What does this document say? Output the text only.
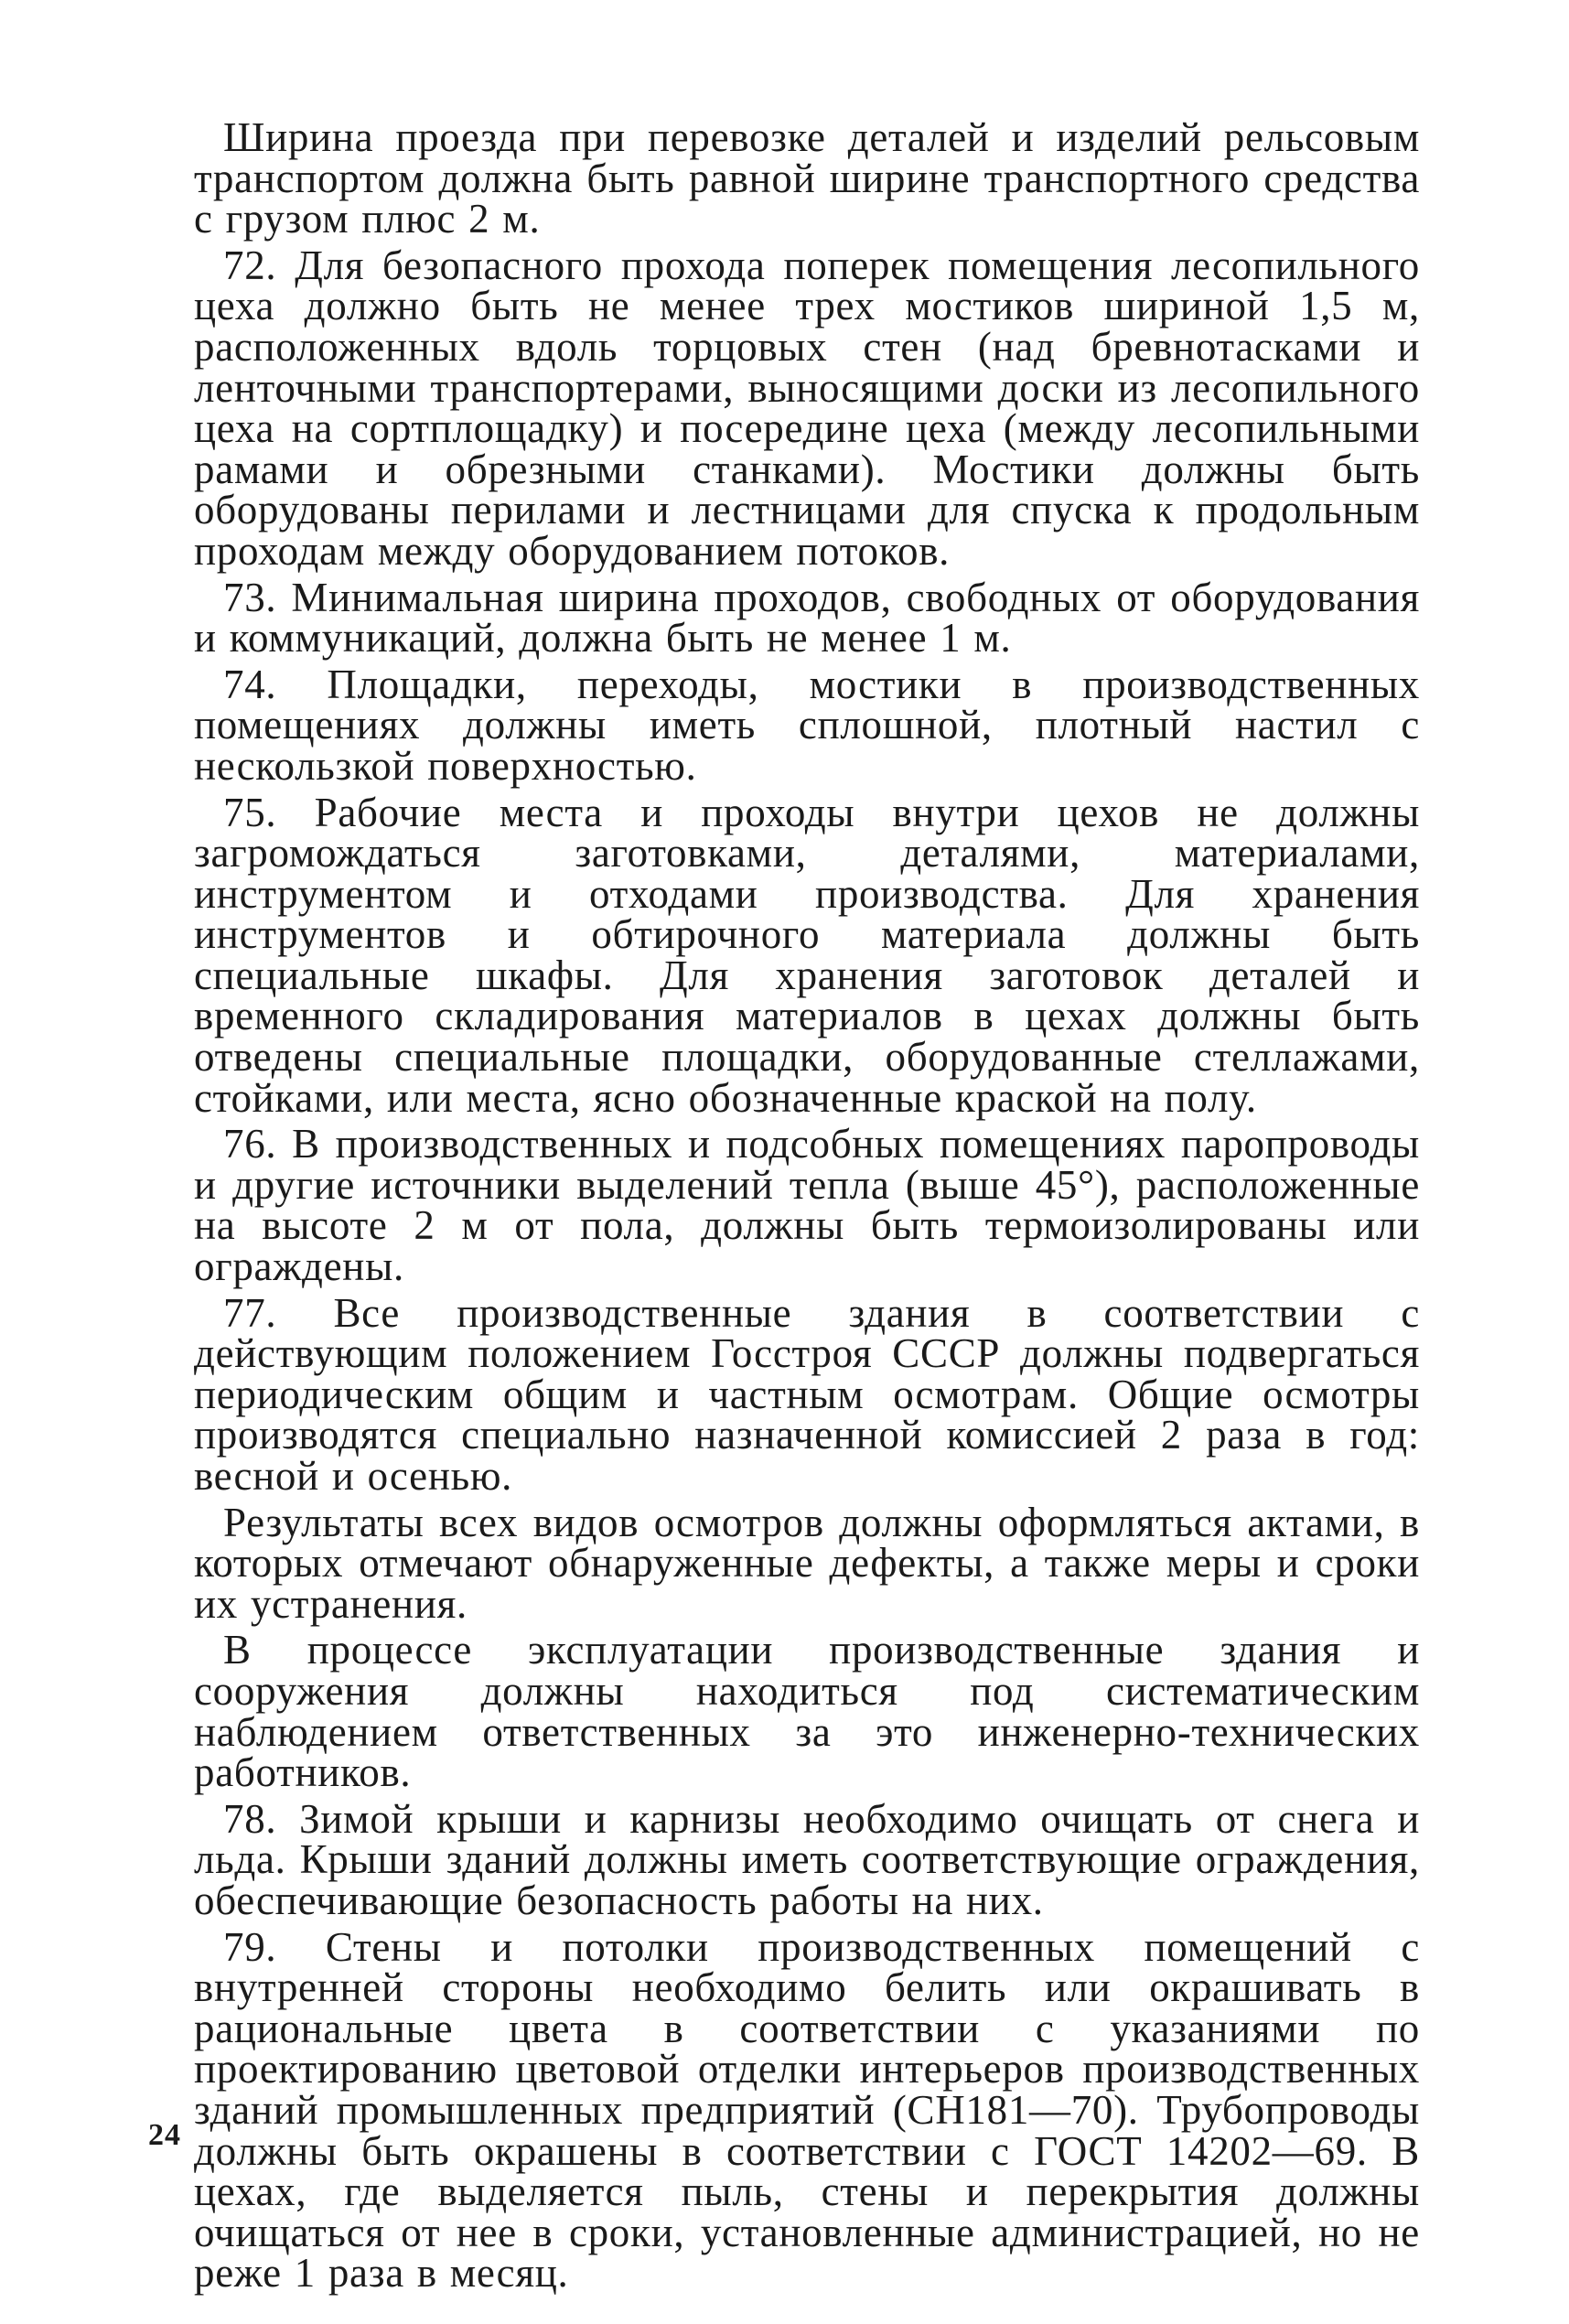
Ширина проезда при перевозке деталей и изделий рельсовым транспортом должна быть равной ширине транспортного средства с грузом плюс 2 м.

72. Для безопасного прохода поперек помещения лесопильного цеха должно быть не менее трех мостиков шириной 1,5 м, расположенных вдоль торцовых стен (над бревнотасками и ленточными транспортерами, выносящими доски из лесопильного цеха на сортплощадку) и посередине цеха (между лесопильными рамами и обрезными станками). Мостики должны быть оборудованы перилами и лестницами для спуска к продольным проходам между оборудованием потоков.

73. Минимальная ширина проходов, свободных от оборудования и коммуникаций, должна быть не менее 1 м.

74. Площадки, переходы, мостики в производственных помещениях должны иметь сплошной, плотный настил с нескользкой поверхностью.

75. Рабочие места и проходы внутри цехов не должны загромождаться заготовками, деталями, материалами, инструментом и отходами производства. Для хранения инструментов и обтирочного материала должны быть специальные шкафы. Для хранения заготовок деталей и временного складирования материалов в цехах должны быть отведены специальные площадки, оборудованные стеллажами, стойками, или места, ясно обозначенные краской на полу.

76. В производственных и подсобных помещениях паропроводы и другие источники выделений тепла (выше 45°), расположенные на высоте 2 м от пола, должны быть термоизолированы или ограждены.

77. Все производственные здания в соответствии с действующим положением Госстроя СССР должны подвергаться периодическим общим и частным осмотрам. Общие осмотры производятся специально назначенной комиссией 2 раза в год: весной и осенью.

Результаты всех видов осмотров должны оформляться актами, в которых отмечают обнаруженные дефекты, а также меры и сроки их устранения.

В процессе эксплуатации производственные здания и сооружения должны находиться под систематическим наблюдением ответственных за это инженерно-технических работников.

78. Зимой крыши и карнизы необходимо очищать от снега и льда. Крыши зданий должны иметь соответствующие ограждения, обеспечивающие безопасность работы на них.

79. Стены и потолки производственных помещений с внутренней стороны необходимо белить или окрашивать в рациональные цвета в соответствии с указаниями по проектированию цветовой отделки интерьеров производственных зданий промышленных предприятий (СН181—70). Трубопроводы должны быть окрашены в соответствии с ГОСТ 14202—69. В цехах, где выделяется пыль, стены и перекрытия должны очищаться от нее в сроки, установленные администрацией, но не реже 1 раза в месяц.

24
